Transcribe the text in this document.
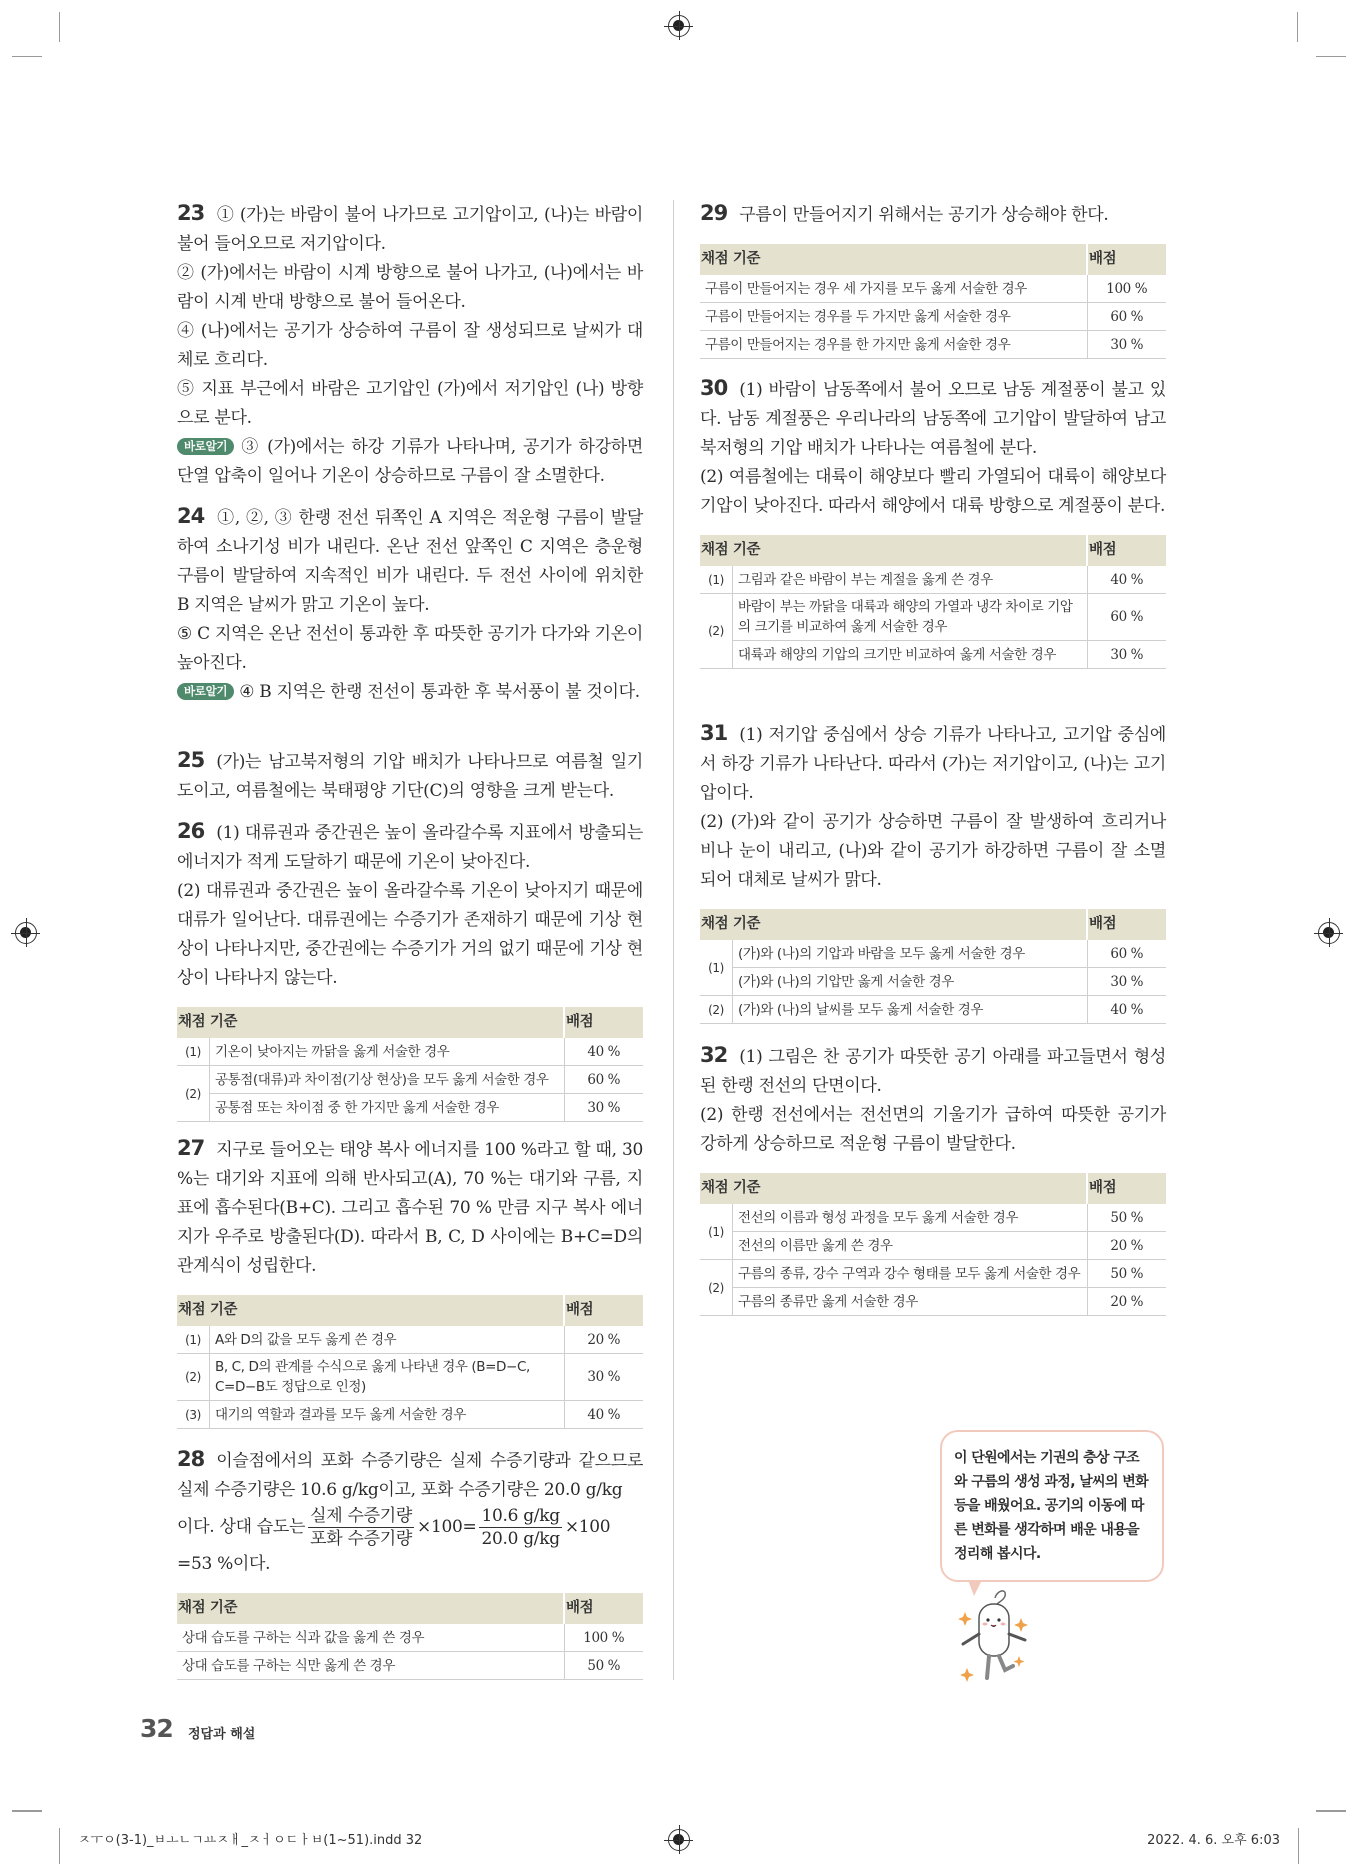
23 ① (가)는 바람이 불어 나가므로 고기압이고, (나)는 바람이 불어 들어오므로 저기압이다.

② (가)에서는 바람이 시계 방향으로 불어 나가고, (나)에서는 바람이 시계 반대 방향으로 불어 들어온다.

④ (나)에서는 공기가 상승하여 구름이 잘 생성되므로 날씨가 대체로 흐리다.

⑤ 지표 부근에서 바람은 고기압인 (가)에서 저기압인 (나) 방향으로 분다.

바로알기 ③ (가)에서는 하강 기류가 나타나며, 공기가 하강하면 단열 압축이 일어나 기온이 상승하므로 구름이 잘 소멸한다.

24 ①, ②, ③ 한랭 전선 뒤쪽인 A 지역은 적운형 구름이 발달하여 소나기성 비가 내린다. 온난 전선 앞쪽인 C 지역은 층운형 구름이 발달하여 지속적인 비가 내린다. 두 전선 사이에 위치한 B 지역은 날씨가 맑고 기온이 높다.

⑤ C 지역은 온난 전선이 통과한 후 따뜻한 공기가 다가와 기온이 높아진다.

바로알기 ④ B 지역은 한랭 전선이 통과한 후 북서풍이 불 것이다.

25 (가)는 남고북저형의 기압 배치가 나타나므로 여름철 일기도이고, 여름철에는 북태평양 기단(C)의 영향을 크게 받는다.

26 (1) 대류권과 중간권은 높이 올라갈수록 지표에서 방출되는 에너지가 적게 도달하기 때문에 기온이 낮아진다.

(2) 대류권과 중간권은 높이 올라갈수록 기온이 낮아지기 때문에 대류가 일어난다. 대류권에는 수증기가 존재하기 때문에 기상 현상이 나타나지만, 중간권에는 수증기가 거의 없기 때문에 기상 현상이 나타나지 않는다.

채점 기준		배점
(1)	기온이 낮아지는 까닭을 옳게 서술한 경우	40 %
(2)	공통점(대류)과 차이점(기상 현상)을 모두 옳게 서술한 경우	60 %
	공통점 또는 차이점 중 한 가지만 옳게 서술한 경우	30 %

27 지구로 들어오는 태양 복사 에너지를 100 %라고 할 때, 30 %는 대기와 지표에 의해 반사되고(A), 70 %는 대기와 구름, 지표에 흡수된다(B+C). 그리고 흡수된 70 % 만큼 지구 복사 에너지가 우주로 방출된다(D). 따라서 B, C, D 사이에는 B+C=D의 관계식이 성립한다.

채점 기준		배점
(1)	A와 D의 값을 모두 옳게 쓴 경우	20 %
(2)	B, C, D의 관계를 수식으로 옳게 나타낸 경우 (B=D−C, C=D−B도 정답으로 인정)	30 %
(3)	대기의 역할과 결과를 모두 옳게 서술한 경우	40 %

28 이슬점에서의 포화 수증기량은 실제 수증기량과 같으므로 실제 수증기량은 10.6 g/kg이고, 포화 수증기량은 20.0 g/kg

이다. 상대 습도는 $\frac{\text{실제 수증기량}}{\text{포화 수증기량}} \times 100= \frac{10.6 g/kg}{20.0 g/kg} \times 100$

=53 %이다.

채점 기준	배점
상대 습도를 구하는 식과 값을 옳게 쓴 경우	100 %
상대 습도를 구하는 식만 옳게 쓴 경우	50 %

29 구름이 만들어지기 위해서는 공기가 상승해야 한다.

채점 기준	배점
구름이 만들어지는 경우 세 가지를 모두 옳게 서술한 경우	100 %
구름이 만들어지는 경우를 두 가지만 옳게 서술한 경우	60 %
구름이 만들어지는 경우를 한 가지만 옳게 서술한 경우	30 %

30 (1) 바람이 남동쪽에서 불어 오므로 남동 계절풍이 불고 있다. 남동 계절풍은 우리나라의 남동쪽에 고기압이 발달하여 남고북저형의 기압 배치가 나타나는 여름철에 분다.

(2) 여름철에는 대륙이 해양보다 빨리 가열되어 대륙이 해양보다 기압이 낮아진다. 따라서 해양에서 대륙 방향으로 계절풍이 분다.

채점 기준		배점
(1)	그림과 같은 바람이 부는 계절을 옳게 쓴 경우	40 %
(2)	바람이 부는 까닭을 대륙과 해양의 가열과 냉각 차이로 기압의 크기를 비교하여 옳게 서술한 경우	60 %
	대륙과 해양의 기압의 크기만 비교하여 옳게 서술한 경우	30 %

31 (1) 저기압 중심에서 상승 기류가 나타나고, 고기압 중심에서 하강 기류가 나타난다. 따라서 (가)는 저기압이고, (나)는 고기압이다.

(2) (가)와 같이 공기가 상승하면 구름이 잘 발생하여 흐리거나 비나 눈이 내리고, (나)와 같이 공기가 하강하면 구름이 잘 소멸되어 대체로 날씨가 맑다.

채점 기준		배점
(1)	(가)와 (나)의 기압과 바람을 모두 옳게 서술한 경우	60 %
	(가)와 (나)의 기압만 옳게 서술한 경우	30 %
(2)	(가)와 (나)의 날씨를 모두 옳게 서술한 경우	40 %

32 (1) 그림은 찬 공기가 따뜻한 공기 아래를 파고들면서 형성된 한랭 전선의 단면이다.

(2) 한랭 전선에서는 전선면의 기울기가 급하여 따뜻한 공기가 강하게 상승하므로 적운형 구름이 발달한다.

채점 기준		배점
(1)	전선의 이름과 형성 과정을 모두 옳게 서술한 경우	50 %
	전선의 이름만 옳게 쓴 경우	20 %
(2)	구름의 종류, 강수 구역과 강수 형태를 모두 옳게 서술한 경우	50 %
	구름의 종류만 옳게 서술한 경우	20 %
이 단원에서는 기권의 층상 구조와 구름의 생성 과정, 날씨의 변화 등을 배웠어요. 공기의 이동에 따른 변화를 생각하며 배운 내용을 정리해 봅시다.
32 정답과 해설
ㅈㅜㅇ(3-1)_ㅂㅗㄴㄱㅛㅈㅐ_ㅈㅓㅇㄷㅏㅂ(1~51).indd 32	2022. 4. 6. 오후 6:03
